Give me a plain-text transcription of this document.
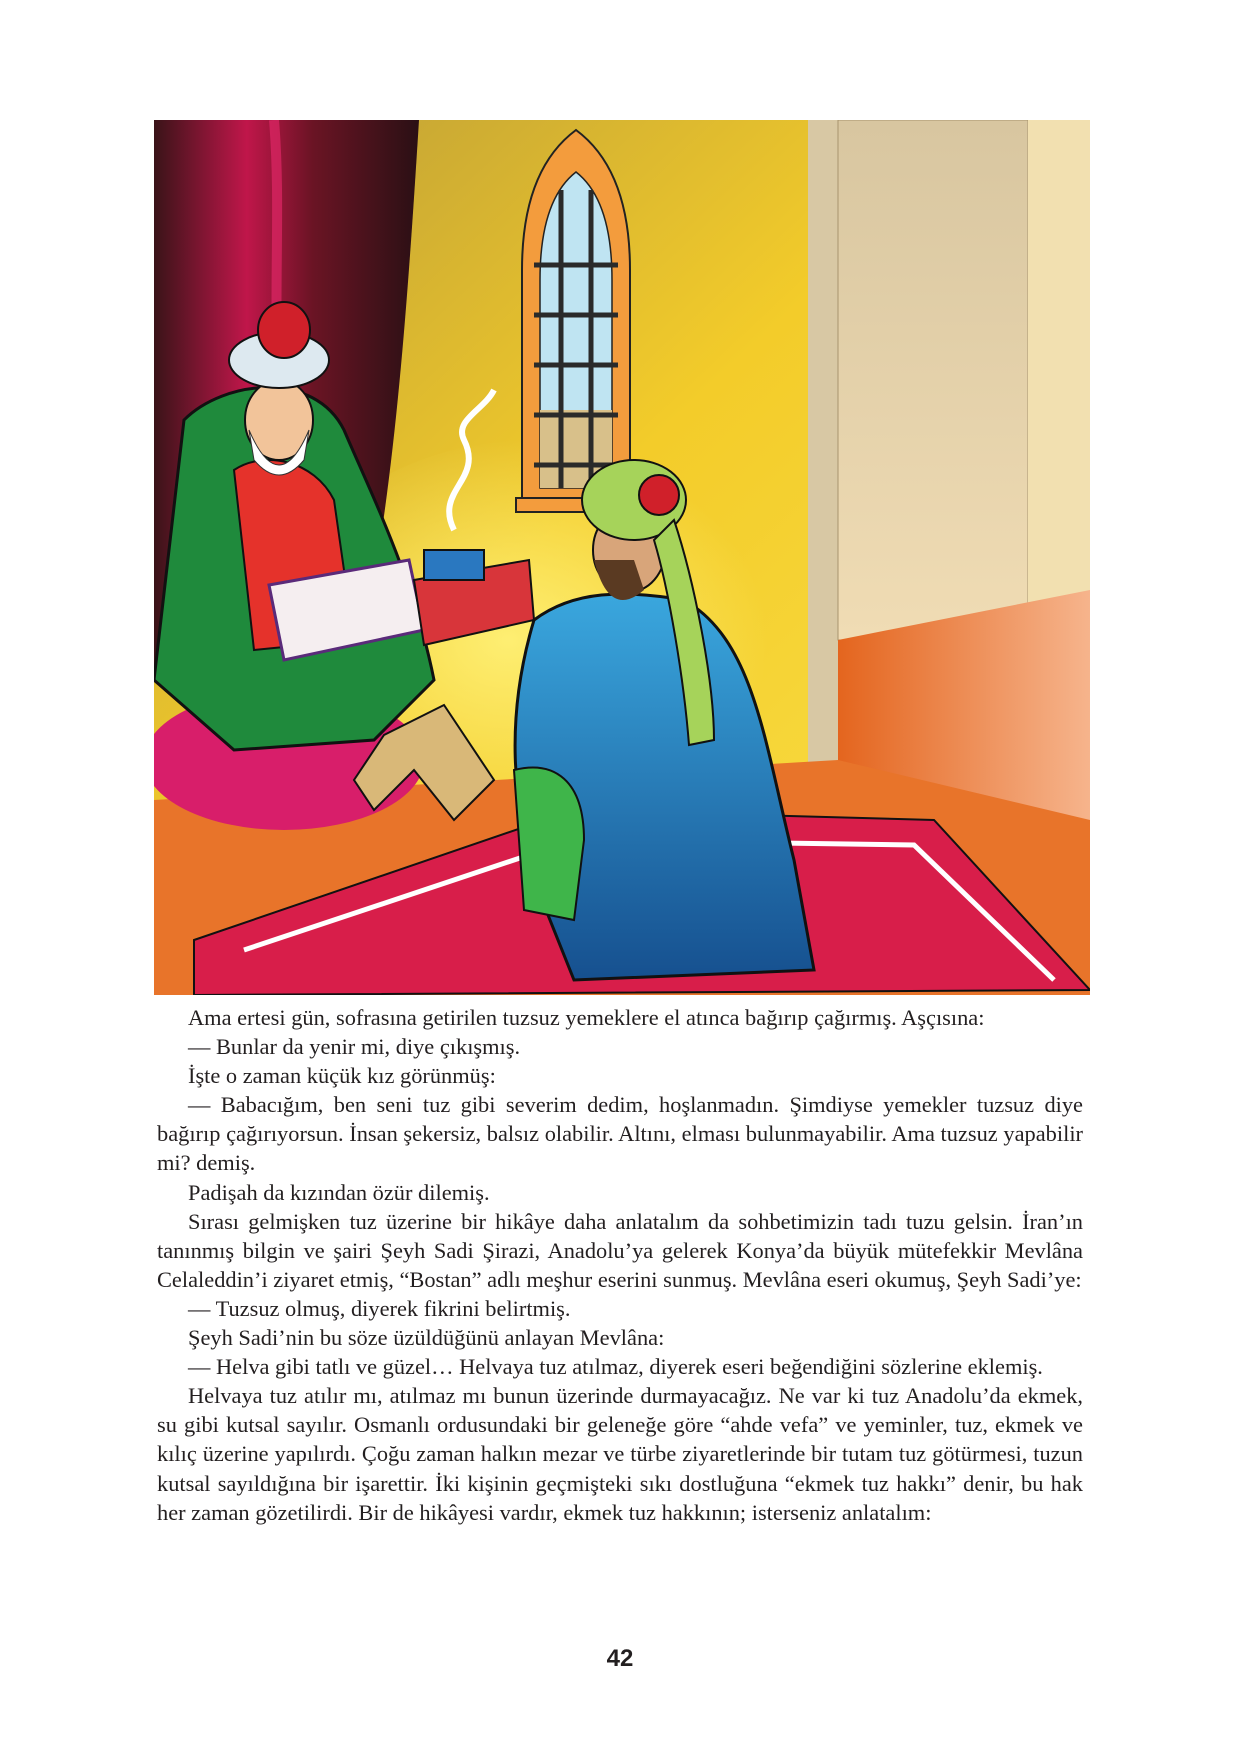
Ama ertesi gün, sofrasına getirilen tuzsuz yemeklere el atınca bağırıp çağırmış. Aşçısına:

— Bunlar da yenir mi, diye çıkışmış.

İşte o zaman küçük kız görünmüş:

— Babacığım, ben seni tuz gibi severim dedim, hoşlanmadın. Şimdiyse yemekler tuzsuz diye bağırıp çağırıyorsun. İnsan şekersiz, balsız olabilir. Altını, elması bulunmayabilir. Ama tuzsuz yapabilir mi? demiş.

Padişah da kızından özür dilemiş.

Sırası gelmişken tuz üzerine bir hikâye daha anlatalım da sohbetimizin tadı tuzu gelsin. İran’ın tanınmış bilgin ve şairi Şeyh Sadi Şirazi, Anadolu’ya gelerek Konya’da büyük mütefekkir Mevlâna Celaleddin’i ziyaret etmiş, “Bostan” adlı meşhur eserini sunmuş. Mevlâna eseri okumuş, Şeyh Sadi’ye:

— Tuzsuz olmuş, diyerek fikrini belirtmiş.

Şeyh Sadi’nin bu söze üzüldüğünü anlayan Mevlâna:

— Helva gibi tatlı ve güzel… Helvaya tuz atılmaz, diyerek eseri beğendiğini sözlerine eklemiş.

Helvaya tuz atılır mı, atılmaz mı bunun üzerinde durmayacağız. Ne var ki tuz Anadolu’da ekmek, su gibi kutsal sayılır. Osmanlı ordusundaki bir geleneğe göre “ahde vefa” ve yeminler, tuz, ekmek ve kılıç üzerine yapılırdı. Çoğu zaman halkın mezar ve türbe ziyaretlerinde bir tutam tuz götürmesi, tuzun kutsal sayıldığına bir işarettir. İki kişinin geçmişteki sıkı dostluğuna “ekmek tuz hakkı” denir, bu hak her zaman gözetilirdi. Bir de hikâyesi vardır, ekmek tuz hakkının; isterseniz anlatalım:

42
